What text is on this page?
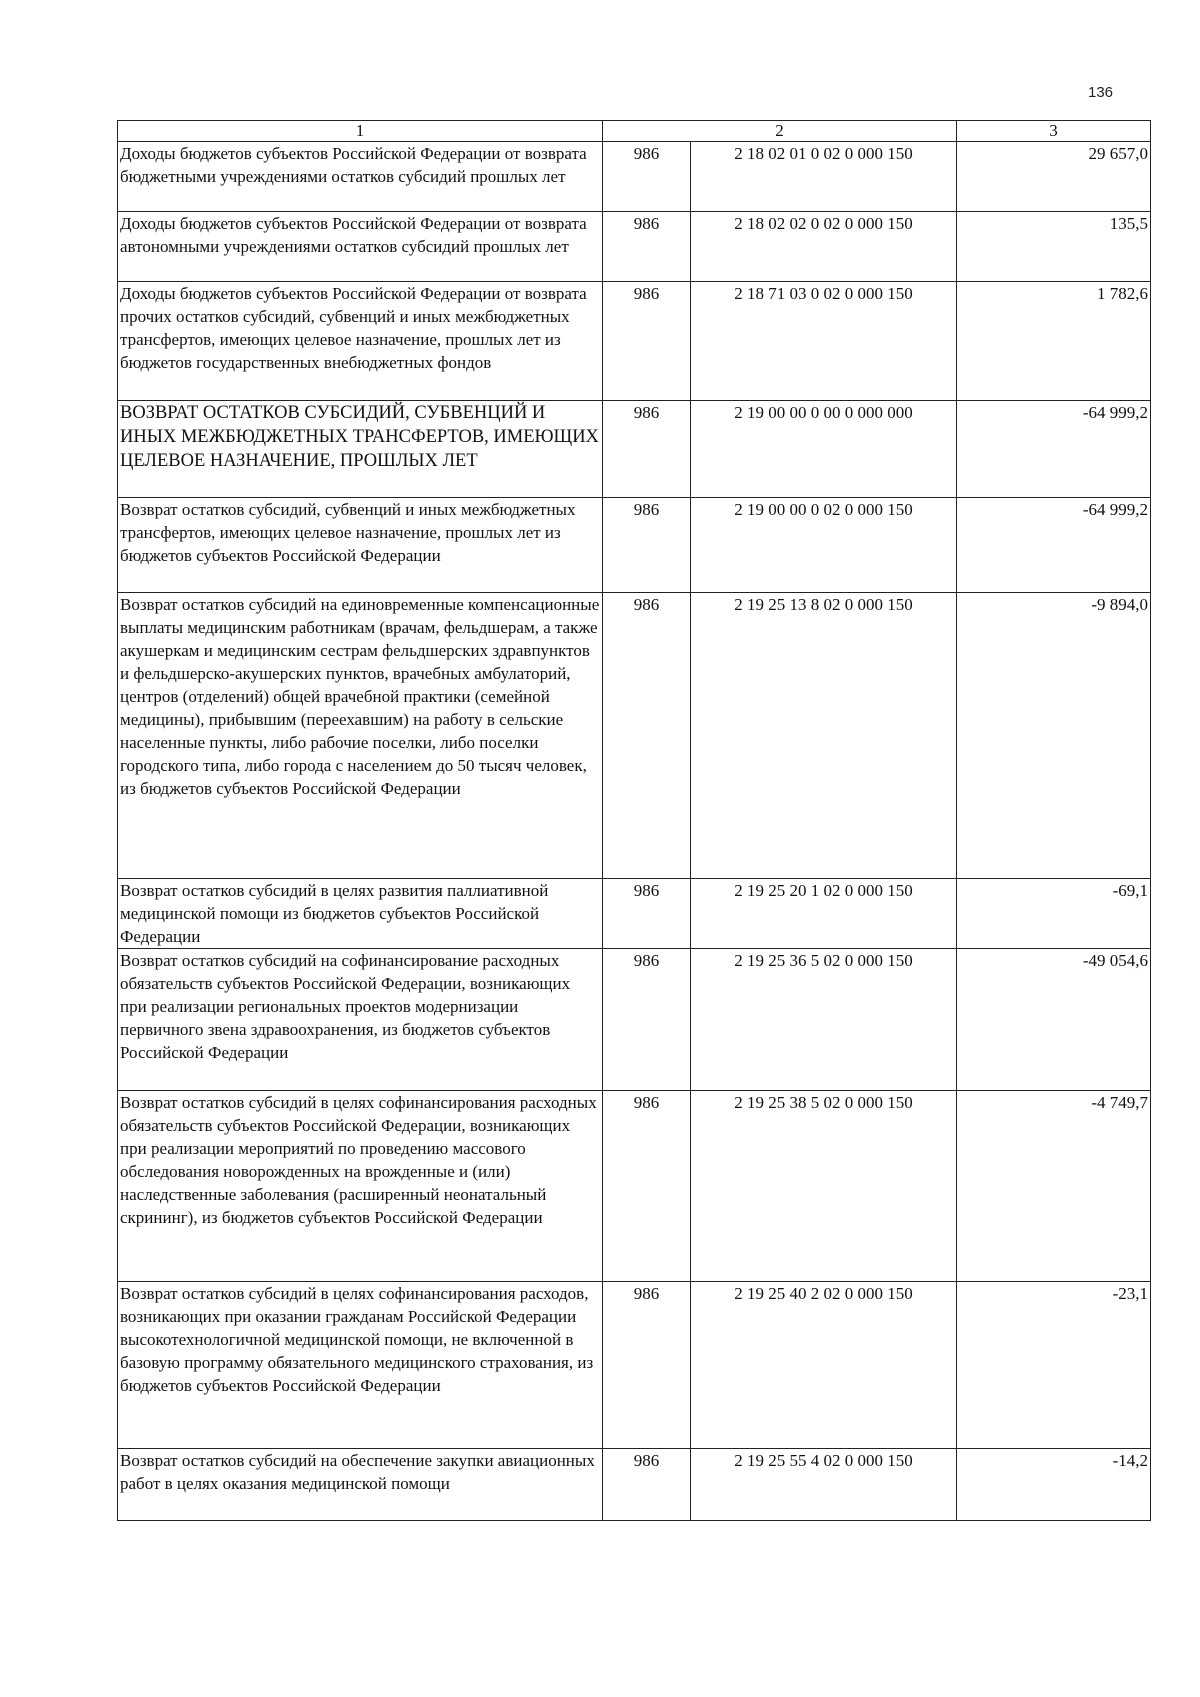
136
1	2		3
Доходы бюджетов субъектов Российской Федерации от возврата бюджетными учреждениями остатков субсидий прошлых лет	986	2 18 02 01 0 02 0 000 150	29 657,0
Доходы бюджетов субъектов Российской Федерации от возврата автономными учреждениями остатков субсидий прошлых лет	986	2 18 02 02 0 02 0 000 150	135,5
Доходы бюджетов субъектов Российской Федерации от возврата прочих остатков субсидий, субвенций и иных межбюджетных трансфертов, имеющих целевое назначение, прошлых лет из бюджетов государственных внебюджетных фондов	986	2 18 71 03 0 02 0 000 150	1 782,6
ВОЗВРАТ ОСТАТКОВ СУБСИДИЙ, СУБВЕНЦИЙ И ИНЫХ МЕЖБЮДЖЕТНЫХ ТРАНСФЕРТОВ, ИМЕЮЩИХ ЦЕЛЕВОЕ НАЗНАЧЕНИЕ, ПРОШЛЫХ ЛЕТ	986	2 19 00 00 0 00 0 000 000	-64 999,2
Возврат остатков субсидий, субвенций и иных межбюджетных трансфертов, имеющих целевое назначение, прошлых лет из бюджетов субъектов Российской Федерации	986	2 19 00 00 0 02 0 000 150	-64 999,2
Возврат остатков субсидий на единовременные компенсационные выплаты медицинским работникам (врачам, фельдшерам, а также акушеркам и медицинским сестрам фельдшерских здравпунктов и фельдшерско-акушерских пунктов, врачебных амбулаторий, центров (отделений) общей врачебной практики (семейной медицины), прибывшим (переехавшим) на работу в сельские населенные пункты, либо рабочие поселки, либо поселки городского типа, либо города с населением до 50 тысяч человек, из бюджетов субъектов Российской Федерации	986	2 19 25 13 8 02 0 000 150	-9 894,0
Возврат остатков субсидий в целях развития паллиативной медицинской помощи из бюджетов субъектов Российской Федерации	986	2 19 25 20 1 02 0 000 150	-69,1
Возврат остатков субсидий на софинансирование расходных обязательств субъектов Российской Федерации, возникающих при реализации региональных проектов модернизации первичного звена здравоохранения, из бюджетов субъектов Российской Федерации	986	2 19 25 36 5 02 0 000 150	-49 054,6
Возврат остатков субсидий в целях софинансирования расходных обязательств субъектов Российской Федерации, возникающих при реализации мероприятий по проведению массового обследования новорожденных на врожденные и (или) наследственные заболевания (расширенный неонатальный скрининг), из бюджетов субъектов Российской Федерации	986	2 19 25 38 5 02 0 000 150	-4 749,7
Возврат остатков субсидий в целях софинансирования расходов, возникающих при оказании гражданам Российской Федерации высокотехнологичной медицинской помощи, не включенной в базовую программу обязательного медицинского страхования, из бюджетов субъектов Российской Федерации	986	2 19 25 40 2 02 0 000 150	-23,1
Возврат остатков субсидий на обеспечение закупки авиационных работ в целях оказания медицинской помощи	986	2 19 25 55 4 02 0 000 150	-14,2
